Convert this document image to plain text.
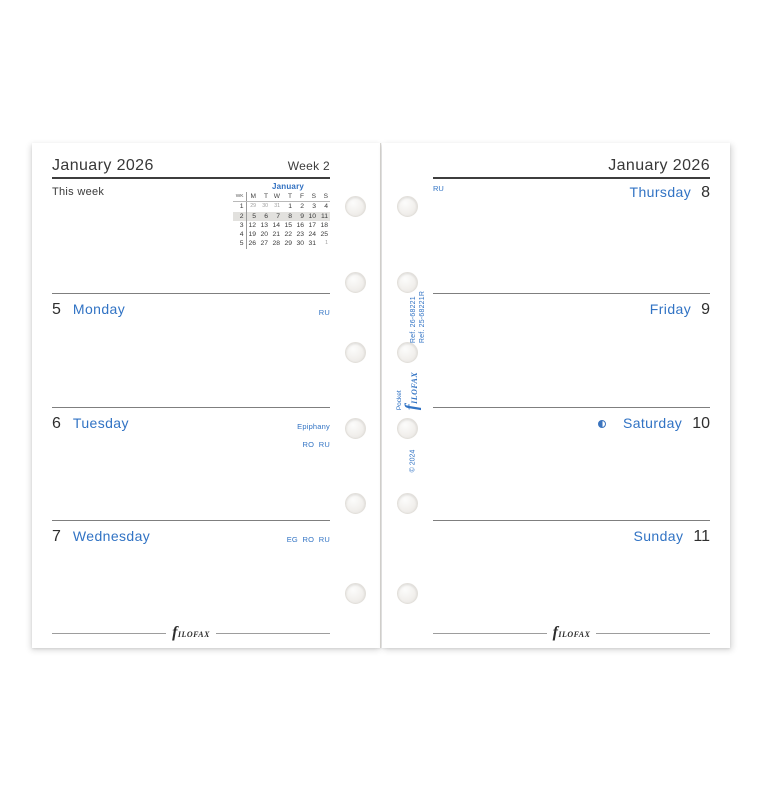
January 2026	Week 2
This week	January
WK	M	T	W	T	F	S	S
1	29	30	31	1	2	3	4
2	5	6	7	8	9	10	11
3	12	13	14	15	16	17	18
4	19	20	21	22	23	24	25
5	26	27	28	29	30	31	1
5 Monday	RU

6 Tuesday	Epiphany

RO  RU

7 Wednesday	EG  RO  RU

filofax
January 2026
RU	Thursday 8
Friday 9
Saturday 10
Sunday 11
Ref. 26-68221 Ref. 25-68221R
Pocket
filofax
© 2024
filofax
